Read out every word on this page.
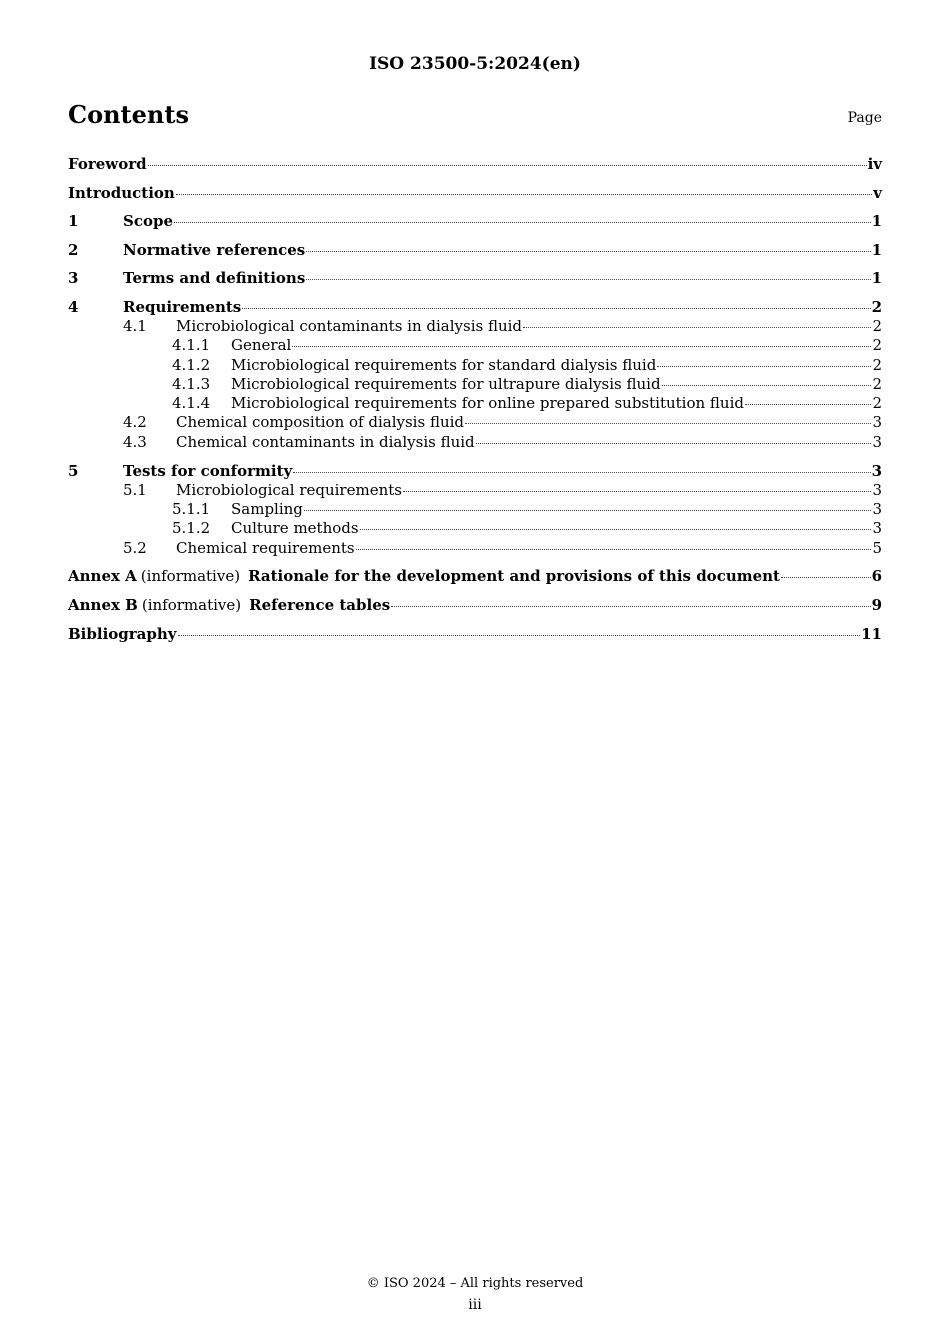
ISO 23500-5:2024(en)
Contents	Page
Foreword	iv
Introduction	v
1	Scope	1
2	Normative references	1
3	Terms and definitions	1
4	Requirements	2
4.1	Microbiological contaminants in dialysis fluid	2
4.1.1	General	2
4.1.2	Microbiological requirements for standard dialysis fluid	2
4.1.3	Microbiological requirements for ultrapure dialysis fluid	2
4.1.4	Microbiological requirements for online prepared substitution fluid	2
4.2	Chemical composition of dialysis fluid	3
4.3	Chemical contaminants in dialysis fluid	3
5	Tests for conformity	3
5.1	Microbiological requirements	3
5.1.1	Sampling	3
5.1.2	Culture methods	3
5.2	Chemical requirements	5
Annex A (informative) Rationale for the development and provisions of this document	6
Annex B (informative) Reference tables	9
Bibliography	11
© ISO 2024 – All rights reserved
iii
